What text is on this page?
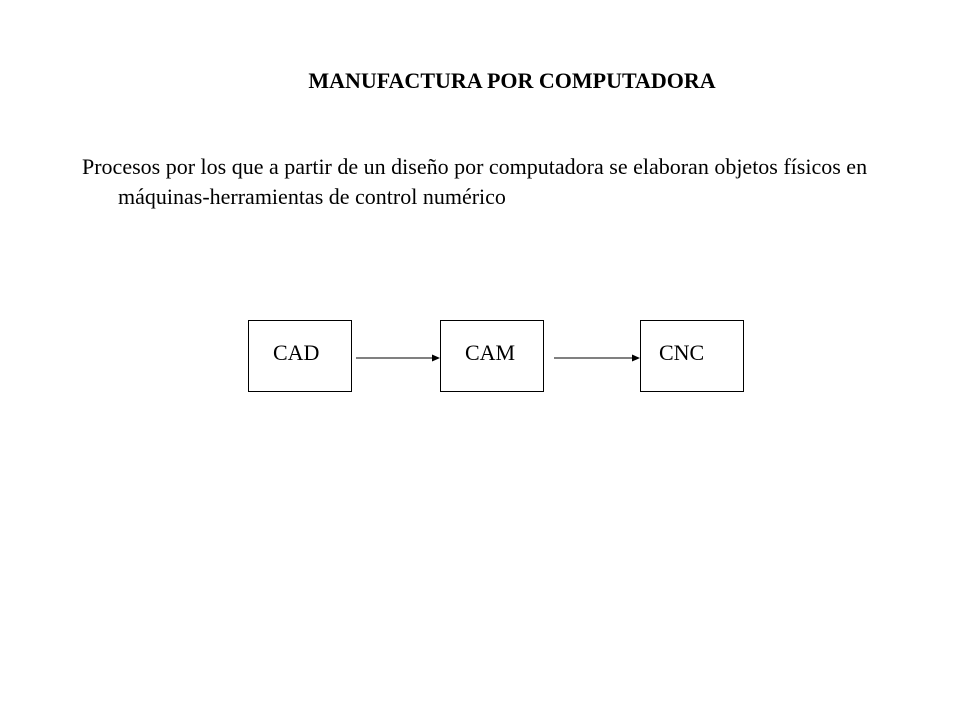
MANUFACTURA POR COMPUTADORA
Procesos por los que a partir de un diseño por computadora se elaboran objetos físicos en máquinas-herramientas de control numérico
CAD	CAM	CNC
